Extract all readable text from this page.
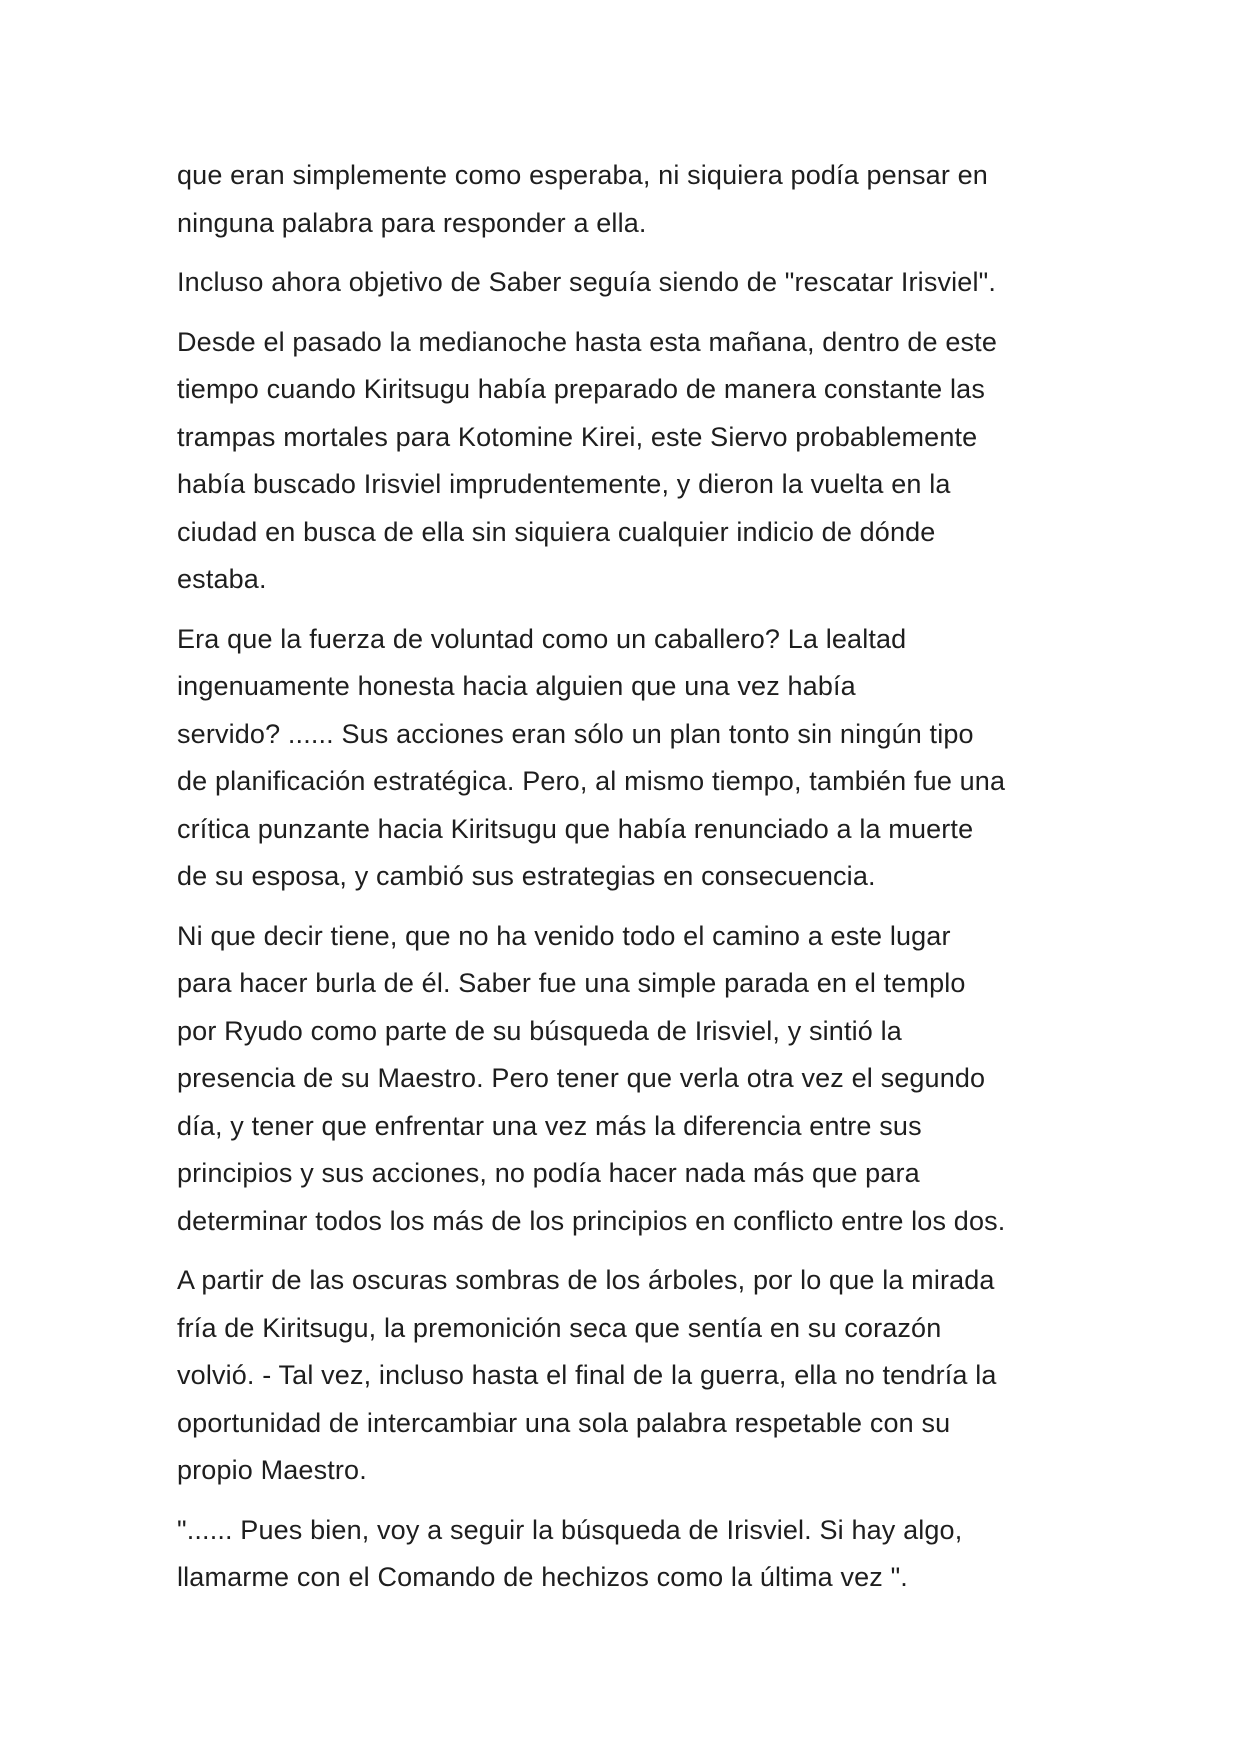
que eran simplemente como esperaba, ni siquiera podía pensar en
ninguna palabra para responder a ella.

Incluso ahora objetivo de Saber seguía siendo de "rescatar Irisviel".

Desde el pasado la medianoche hasta esta mañana, dentro de este
tiempo cuando Kiritsugu había preparado de manera constante las
trampas mortales para Kotomine Kirei, este Siervo probablemente
había buscado Irisviel imprudentemente, y dieron la vuelta en la
ciudad en busca de ella sin siquiera cualquier indicio de dónde
estaba.

Era que la fuerza de voluntad como un caballero? La lealtad
ingenuamente honesta hacia alguien que una vez había
servido? ...... Sus acciones eran sólo un plan tonto sin ningún tipo
de planificación estratégica. Pero, al mismo tiempo, también fue una
crítica punzante hacia Kiritsugu que había renunciado a la muerte
de su esposa, y cambió sus estrategias en consecuencia.

Ni que decir tiene, que no ha venido todo el camino a este lugar
para hacer burla de él. Saber fue una simple parada en el templo
por Ryudo como parte de su búsqueda de Irisviel, y sintió la
presencia de su Maestro. Pero tener que verla otra vez el segundo
día, y tener que enfrentar una vez más la diferencia entre sus
principios y sus acciones, no podía hacer nada más que para
determinar todos los más de los principios en conflicto entre los dos.

A partir de las oscuras sombras de los árboles, por lo que la mirada
fría de Kiritsugu, la premonición seca que sentía en su corazón
volvió. - Tal vez, incluso hasta el final de la guerra, ella no tendría la
oportunidad de intercambiar una sola palabra respetable con su
propio Maestro.

"...... Pues bien, voy a seguir la búsqueda de Irisviel. Si hay algo,
llamarme con el Comando de hechizos como la última vez ".
